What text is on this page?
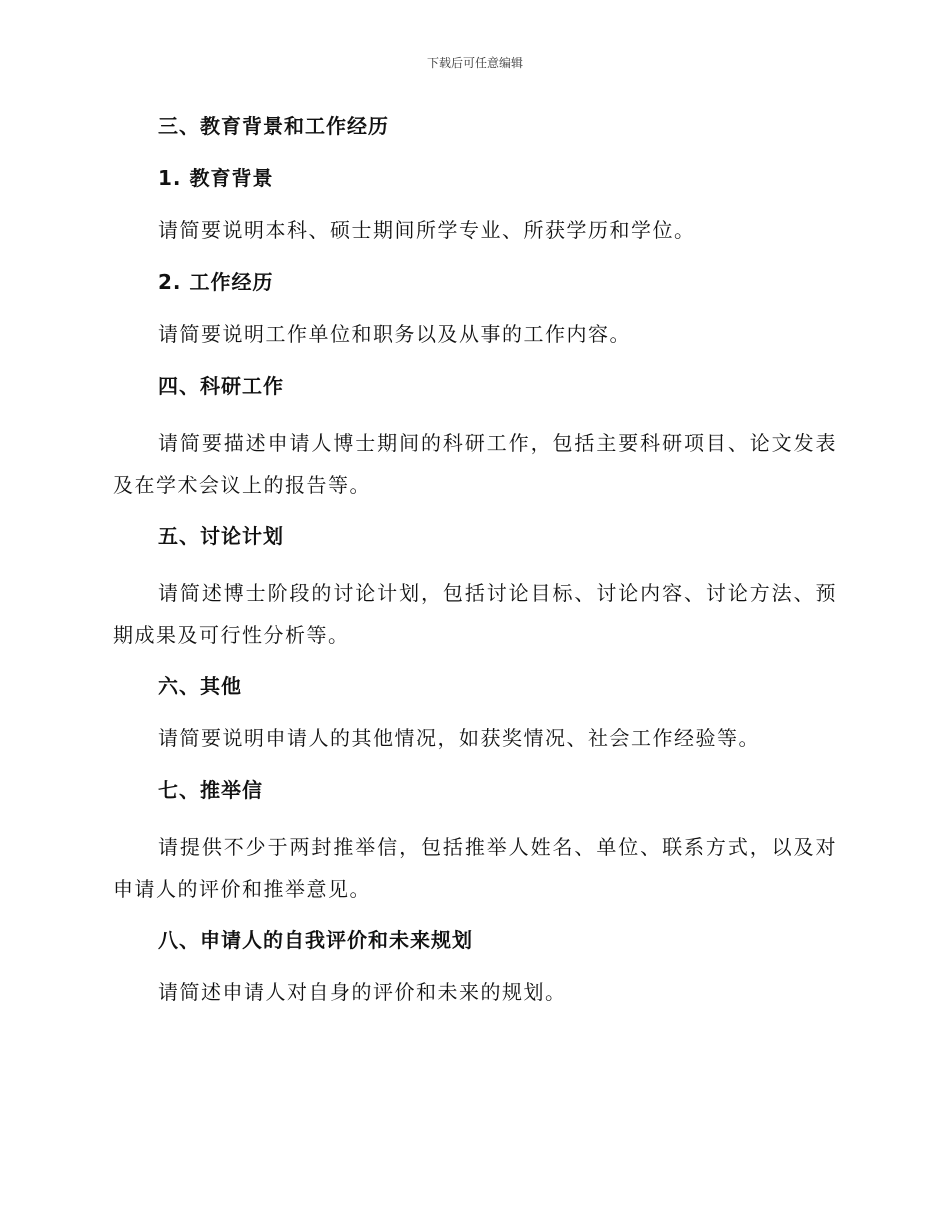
下载后可任意编辑
三、教育背景和工作经历
1. 教育背景
请简要说明本科、硕士期间所学专业、所获学历和学位。
2. 工作经历
请简要说明工作单位和职务以及从事的工作内容。
四、科研工作
请简要描述申请人博士期间的科研工作，包括主要科研项目、论文发表及在学术会议上的报告等。
五、讨论计划
请简述博士阶段的讨论计划，包括讨论目标、讨论内容、讨论方法、预期成果及可行性分析等。
六、其他
请简要说明申请人的其他情况，如获奖情况、社会工作经验等。
七、推举信
请提供不少于两封推举信，包括推举人姓名、单位、联系方式，以及对申请人的评价和推举意见。
八、申请人的自我评价和未来规划
请简述申请人对自身的评价和未来的规划。
